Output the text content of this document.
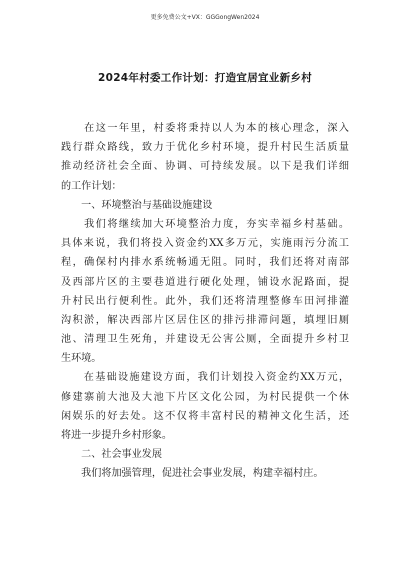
更多免费公文+VX：GGGongWen2024
2024年村委工作计划：打造宜居宜业新乡村
　　在这一年里，村委将秉持以人为本的核心理念，深入
践行群众路线，致力于优化乡村环境，提升村民生活质量
推动经济社会全面、协调、可持续发展。以下是我们详细
的工作计划：
　　一、环境整治与基础设施建设
　　我们将继续加大环境整治力度，夯实幸福乡村基础。
具体来说，我们将投入资金约XX多万元，实施雨污分流工
程，确保村内排水系统畅通无阻。同时，我们还将对南部
及西部片区的主要巷道进行硬化处理，铺设水泥路面，提
升村民出行便利性。此外，我们还将清理整修车田河排灌
沟积淤，解决西部片区居住区的排污排滞问题，填埋旧厕
池、清理卫生死角，并建设无公害公厕，全面提升乡村卫
生环境。
　　在基础设施建设方面，我们计划投入资金约XX万元，
修建寨前大池及大池下片区文化公园，为村民提供一个休
闲娱乐的好去处。这不仅将丰富村民的精神文化生活，还
将进一步提升乡村形象。
　　二、社会事业发展
　　我们将加强管理，促进社会事业发展，构建幸福村庄。
